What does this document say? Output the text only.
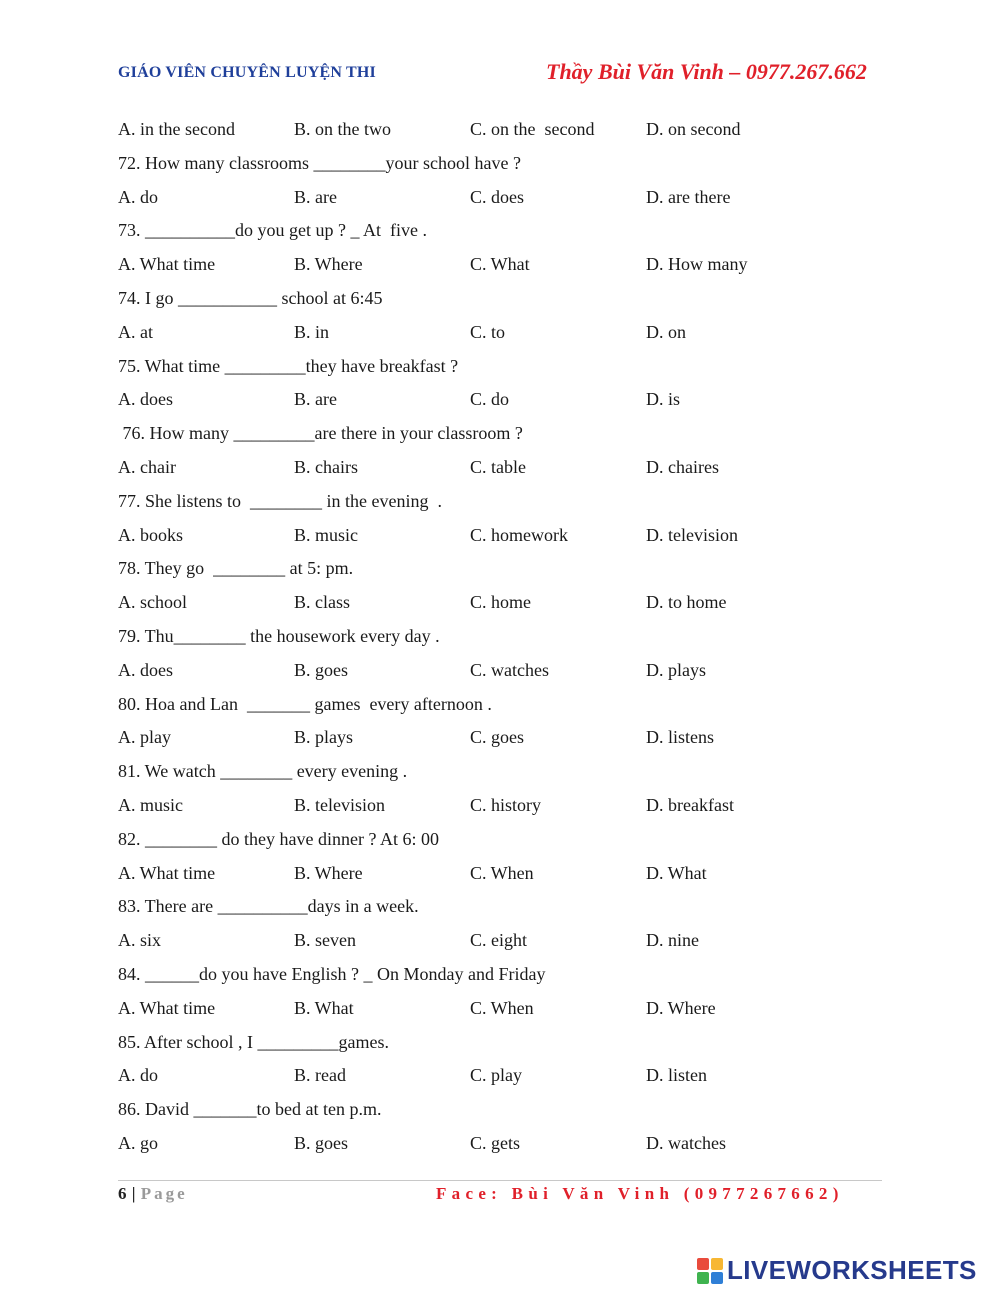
GIÁO VIÊN CHUYÊN LUYỆN THI	Thầy Bùi Văn Vinh – 0977.267.662
A. in the second	B. on the two	C. on the  second	D. on second
72. How many classrooms ________your school have ?
A. do	B. are	C. does	D. are there
73. __________do you get up ? _ At  five .
A. What time	B. Where	C. What	D. How many
74. I go ___________ school at 6:45
A. at	B. in	C. to	D. on
75. What time _________they have breakfast ?
A. does	B. are	C. do	D. is
76. How many _________are there in your classroom ?
A. chair	B. chairs	C. table	D. chaires
77. She listens to  ________ in the evening  .
A. books	B. music	C. homework	D. television
78. They go  ________ at 5: pm.
A. school	B. class	C. home	D. to home
79. Thu________ the housework every day .
A. does	B. goes	C. watches	D. plays
80. Hoa and Lan  _______ games  every afternoon .
A. play	B. plays	C. goes	D. listens
81. We watch ________ every evening .
A. music	B. television	C. history	D. breakfast
82. ________ do they have dinner ? At 6: 00
A. What time	B. Where	C. When	D. What
83. There are __________days in a week.
A. six	B. seven	C. eight	D. nine
84. ______do you have English ? _ On Monday and Friday
A. What time	B. What	C. When	D. Where
85. After school , I _________games.
A. do	B. read	C. play	D. listen
86. David _______to bed at ten p.m.
A. go	B. goes	C. gets	D. watches
6 | Page	Face: Bùi Văn Vinh (0977267662)
LIVEWORKSHEETS
